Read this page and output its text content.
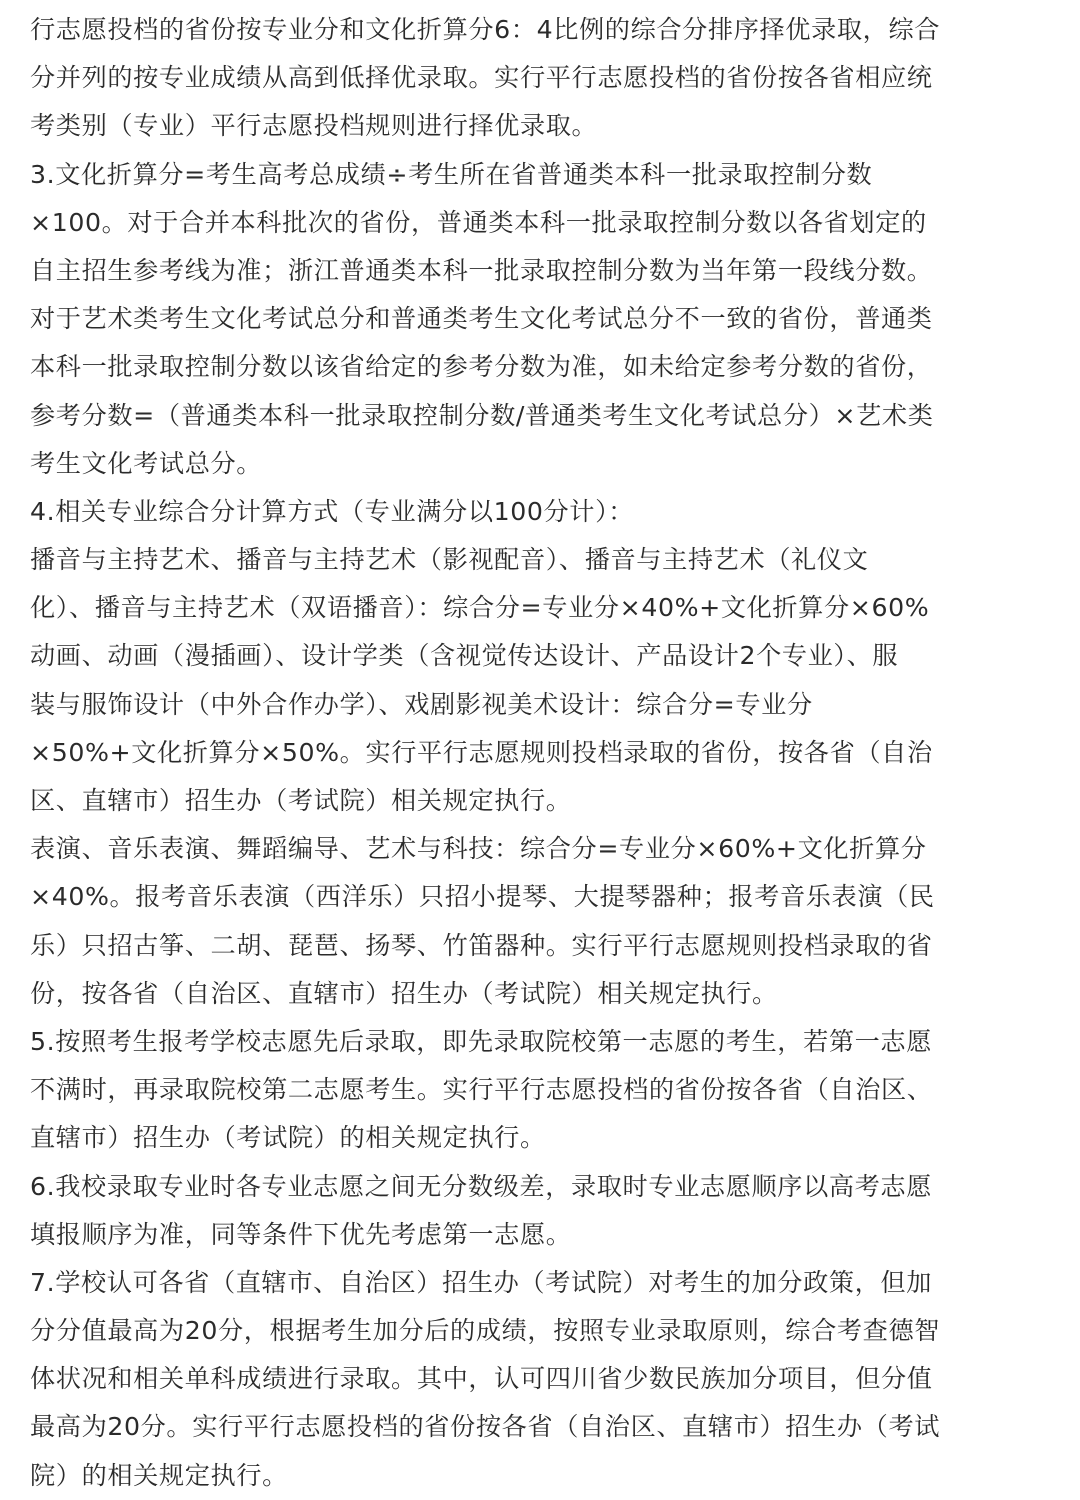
行志愿投档的省份按专业分和文化折算分6：4比例的综合分排序择优录取，综合
分并列的按专业成绩从高到低择优录取。实行平行志愿投档的省份按各省相应统
考类别（专业）平行志愿投档规则进行择优录取。
3.文化折算分=考生高考总成绩÷考生所在省普通类本科一批录取控制分数
×100。对于合并本科批次的省份，普通类本科一批录取控制分数以各省划定的
自主招生参考线为准；浙江普通类本科一批录取控制分数为当年第一段线分数。
对于艺术类考生文化考试总分和普通类考生文化考试总分不一致的省份，普通类
本科一批录取控制分数以该省给定的参考分数为准，如未给定参考分数的省份，
参考分数=（普通类本科一批录取控制分数/普通类考生文化考试总分）×艺术类
考生文化考试总分。
4.相关专业综合分计算方式（专业满分以100分计）：
播音与主持艺术、播音与主持艺术（影视配音）、播音与主持艺术（礼仪文
化）、播音与主持艺术（双语播音）：综合分=专业分×40%+文化折算分×60%
动画、动画（漫插画）、设计学类（含视觉传达设计、产品设计2个专业）、服
装与服饰设计（中外合作办学）、戏剧影视美术设计：综合分=专业分
×50%+文化折算分×50%。实行平行志愿规则投档录取的省份，按各省（自治
区、直辖市）招生办（考试院）相关规定执行。
表演、音乐表演、舞蹈编导、艺术与科技：综合分=专业分×60%+文化折算分
×40%。报考音乐表演（西洋乐）只招小提琴、大提琴器种；报考音乐表演（民
乐）只招古筝、二胡、琵琶、扬琴、竹笛器种。实行平行志愿规则投档录取的省
份，按各省（自治区、直辖市）招生办（考试院）相关规定执行。
5.按照考生报考学校志愿先后录取，即先录取院校第一志愿的考生，若第一志愿
不满时，再录取院校第二志愿考生。实行平行志愿投档的省份按各省（自治区、
直辖市）招生办（考试院）的相关规定执行。
6.我校录取专业时各专业志愿之间无分数级差，录取时专业志愿顺序以高考志愿
填报顺序为准，同等条件下优先考虑第一志愿。
7.学校认可各省（直辖市、自治区）招生办（考试院）对考生的加分政策，但加
分分值最高为20分，根据考生加分后的成绩，按照专业录取原则，综合考查德智
体状况和相关单科成绩进行录取。其中，认可四川省少数民族加分项目，但分值
最高为20分。实行平行志愿投档的省份按各省（自治区、直辖市）招生办（考试
院）的相关规定执行。
